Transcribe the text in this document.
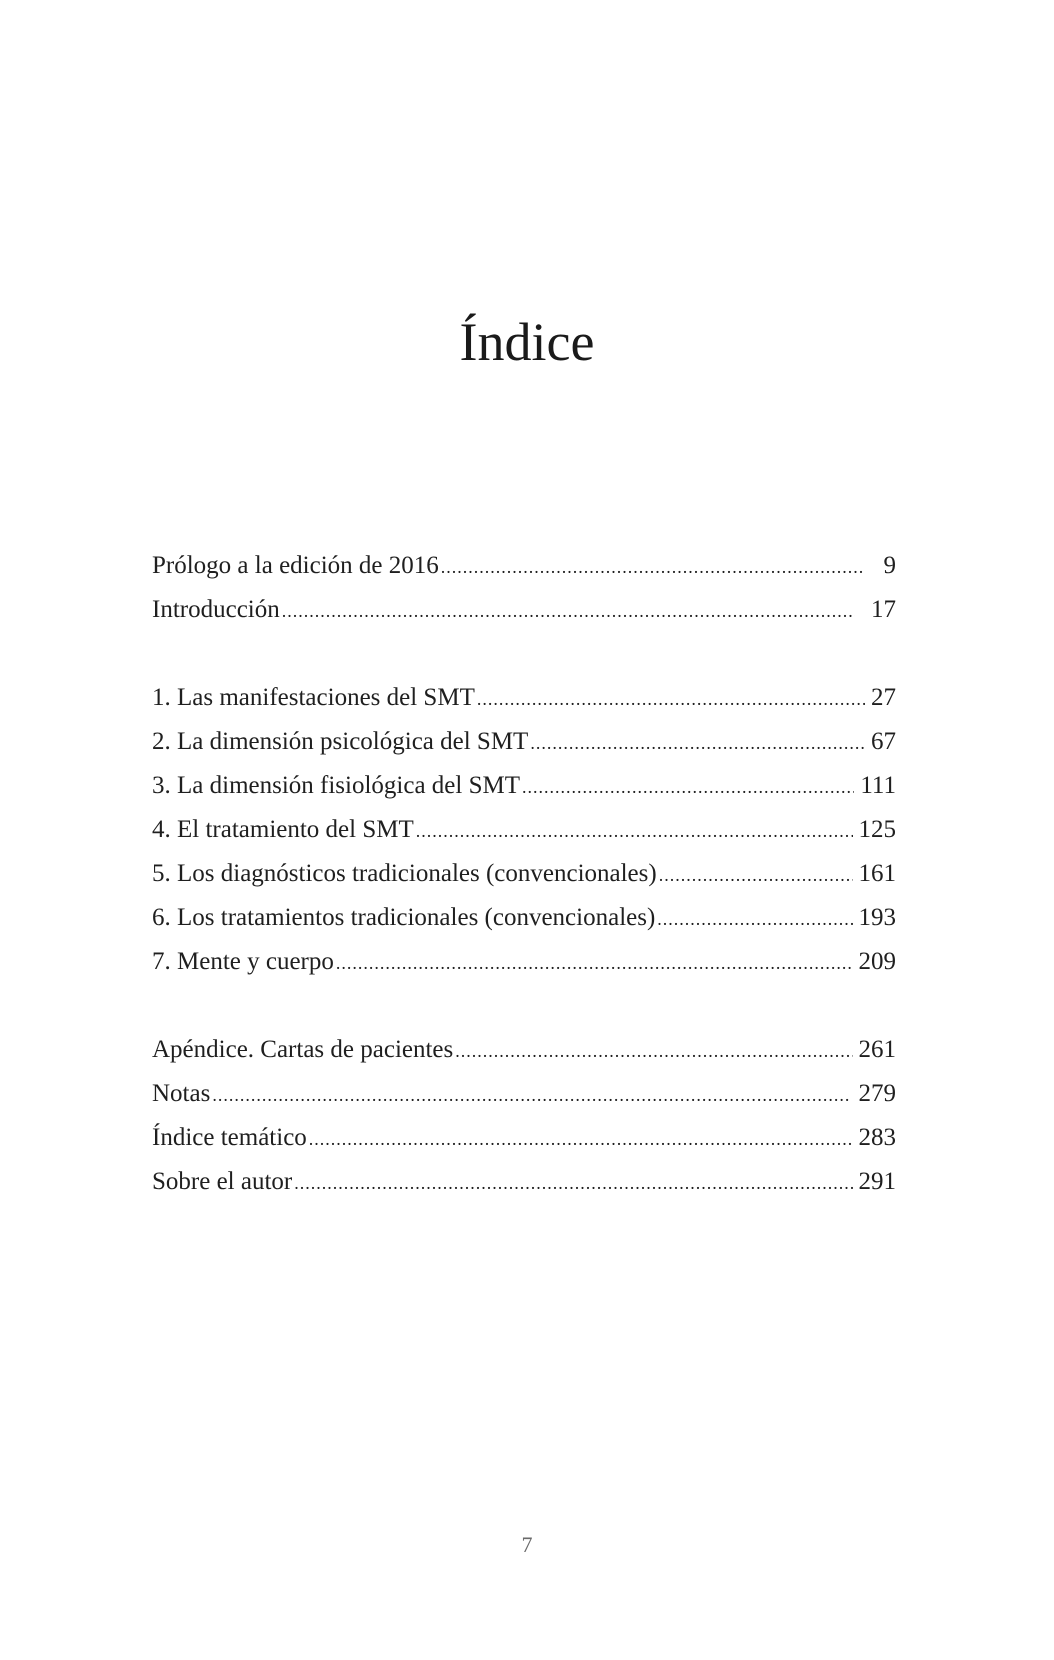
Índice
Prólogo a la edición de 2016 .....	9
Introducción .....	17
1. Las manifestaciones del SMT .....	27
2. La dimensión psicológica del SMT .....	67
3. La dimensión fisiológica del SMT .....	111
4. El tratamiento del SMT .....	125
5. Los diagnósticos tradicionales (convencionales) .....	161
6. Los tratamientos tradicionales (convencionales) .....	193
7. Mente y cuerpo .....	209
Apéndice. Cartas de pacientes .....	261
Notas .....	279
Índice temático .....	283
Sobre el autor .....	291
7
